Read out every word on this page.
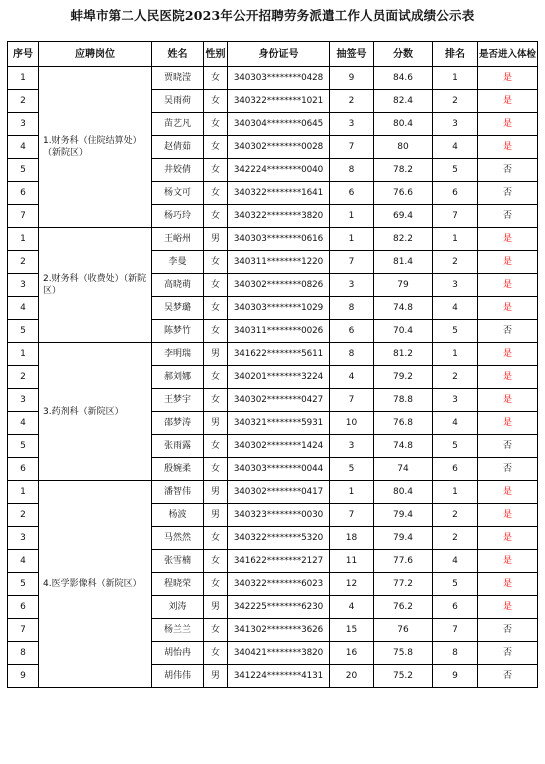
蚌埠市第二人民医院2023年公开招聘劳务派遣工作人员面试成绩公示表
序号	应聘岗位	姓名	性别	身份证号	抽签号	分数	排名	是否进入体检
1	1.财务科（住院结算处）（新院区）	贾晓滢	女	340303********0428	9	84.6	1	是
2		吴雨荷	女	340322********1021	2	82.4	2	是
3		苗艺凡	女	340304********0645	3	80.4	3	是
4		赵倩茹	女	340302********0028	7	80	4	是
5		井姣倩	女	342224********0040	8	78.2	5	否
6		杨文可	女	340322********1641	6	76.6	6	否
7		杨巧玲	女	340322********3820	1	69.4	7	否
1	2.财务科（收费处）（新院区）	王峪州	男	340303********0616	1	82.2	1	是
2		李曼	女	340311********1220	7	81.4	2	是
3		高晓萌	女	340302********0826	3	79	3	是
4		吴梦璐	女	340303********1029	8	74.8	4	是
5		陈梦竹	女	340311********0026	6	70.4	5	否
1	3.药剂科（新院区）	李明瑞	男	341622********5611	8	81.2	1	是
2		郝刘娜	女	340201********3224	4	79.2	2	是
3		王梦宇	女	340302********0427	7	78.8	3	是
4		邵梦涛	男	340321********5931	10	76.8	4	是
5		张雨露	女	340302********1424	3	74.8	5	否
6		殷婉柔	女	340303********0044	5	74	6	否
1	4.医学影像科（新院区）	潘智伟	男	340302********0417	1	80.4	1	是
2		杨波	男	340323********0030	7	79.4	2	是
3		马然然	女	340322********5320	18	79.4	2	是
4		张雪楠	女	341622********2127	11	77.6	4	是
5		程晓荣	女	340322********6023	12	77.2	5	是
6		刘涛	男	342225********6230	4	76.2	6	是
7		杨兰兰	女	341302********3626	15	76	7	否
8		胡怡冉	女	340421********3820	16	75.8	8	否
9		胡伟伟	男	341224********4131	20	75.2	9	否
